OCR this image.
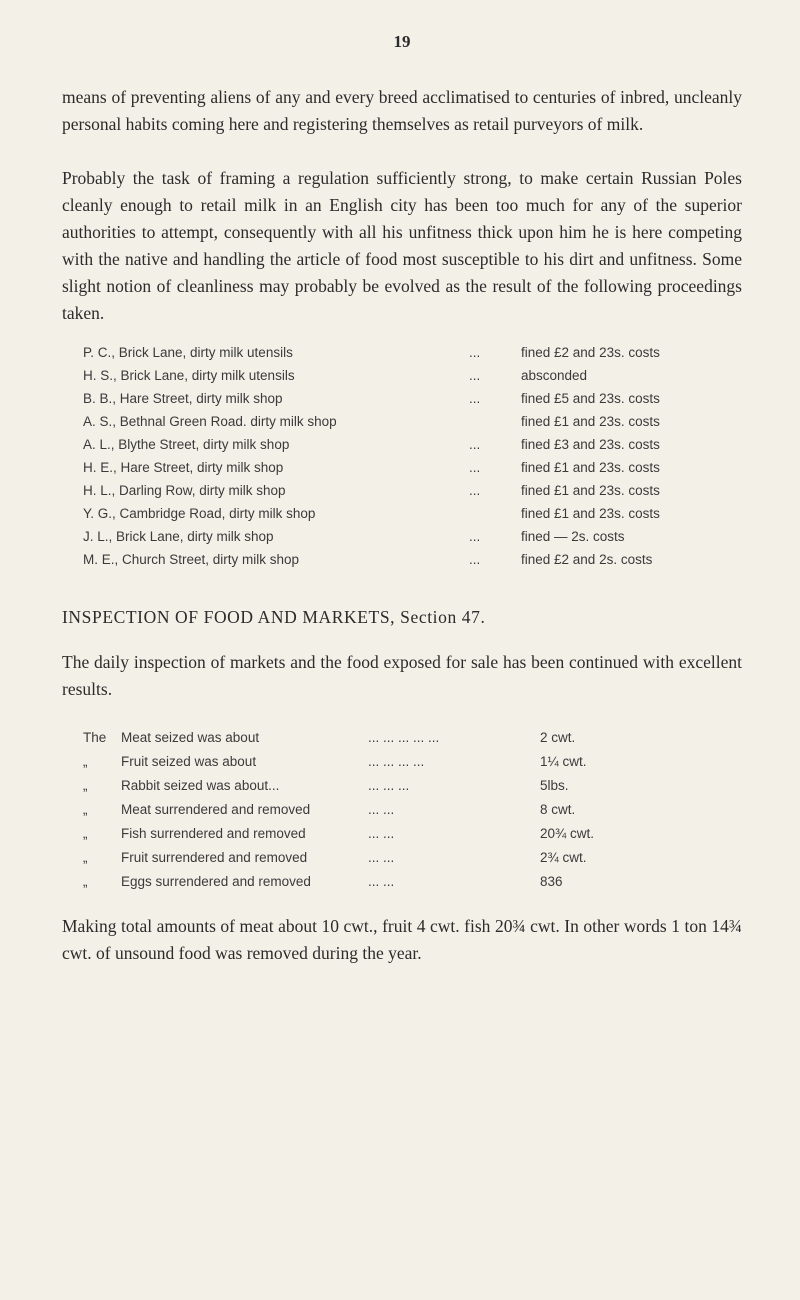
19

means of preventing aliens of any and every breed acclimatised to centuries of inbred, uncleanly personal habits coming here and registering themselves as retail purveyors of milk.

Probably the task of framing a regulation sufficiently strong, to make certain Russian Poles cleanly enough to retail milk in an English city has been too much for any of the superior authorities to attempt, consequently with all his unfitness thick upon him he is here competing with the native and handling the article of food most susceptible to his dirt and unfitness. Some slight notion of cleanliness may probably be evolved as the result of the following proceedings taken.

P. C., Brick Lane, dirty milk utensils	...	fined £2 and 23s. costs
H. S., Brick Lane, dirty milk utensils	...	absconded
B. B., Hare Street, dirty milk shop	...	fined £5 and 23s. costs
A. S., Bethnal Green Road. dirty milk shop	fined £1 and 23s. costs
A. L., Blythe Street, dirty milk shop	...	fined £3 and 23s. costs
H. E., Hare Street, dirty milk shop	...	fined £1 and 23s. costs
H. L., Darling Row, dirty milk shop	...	fined £1 and 23s. costs
Y. G., Cambridge Road, dirty milk shop	fined £1 and 23s. costs
J. L., Brick Lane, dirty milk shop	...	fined — 2s. costs
M. E., Church Street, dirty milk shop	...	fined £2 and 2s. costs
INSPECTION OF FOOD AND MARKETS, Section 47.

The daily inspection of markets and the food exposed for sale has been continued with excellent results.

The	Meat seized was about	... ... ... ... ...	2 cwt.
„	Fruit seized was about	... ... ... ...	1¼ cwt.
„	Rabbit seized was about...	... ... ...	5lbs.
„	Meat surrendered and removed	... ...	8 cwt.
„	Fish surrendered and removed	... ...	20¾ cwt.
„	Fruit surrendered and removed	... ...	2¾ cwt.
„	Eggs surrendered and removed	... ...	836

Making total amounts of meat about 10 cwt., fruit 4 cwt. fish 20¾ cwt. In other words 1 ton 14¾ cwt. of unsound food was removed during the year.
